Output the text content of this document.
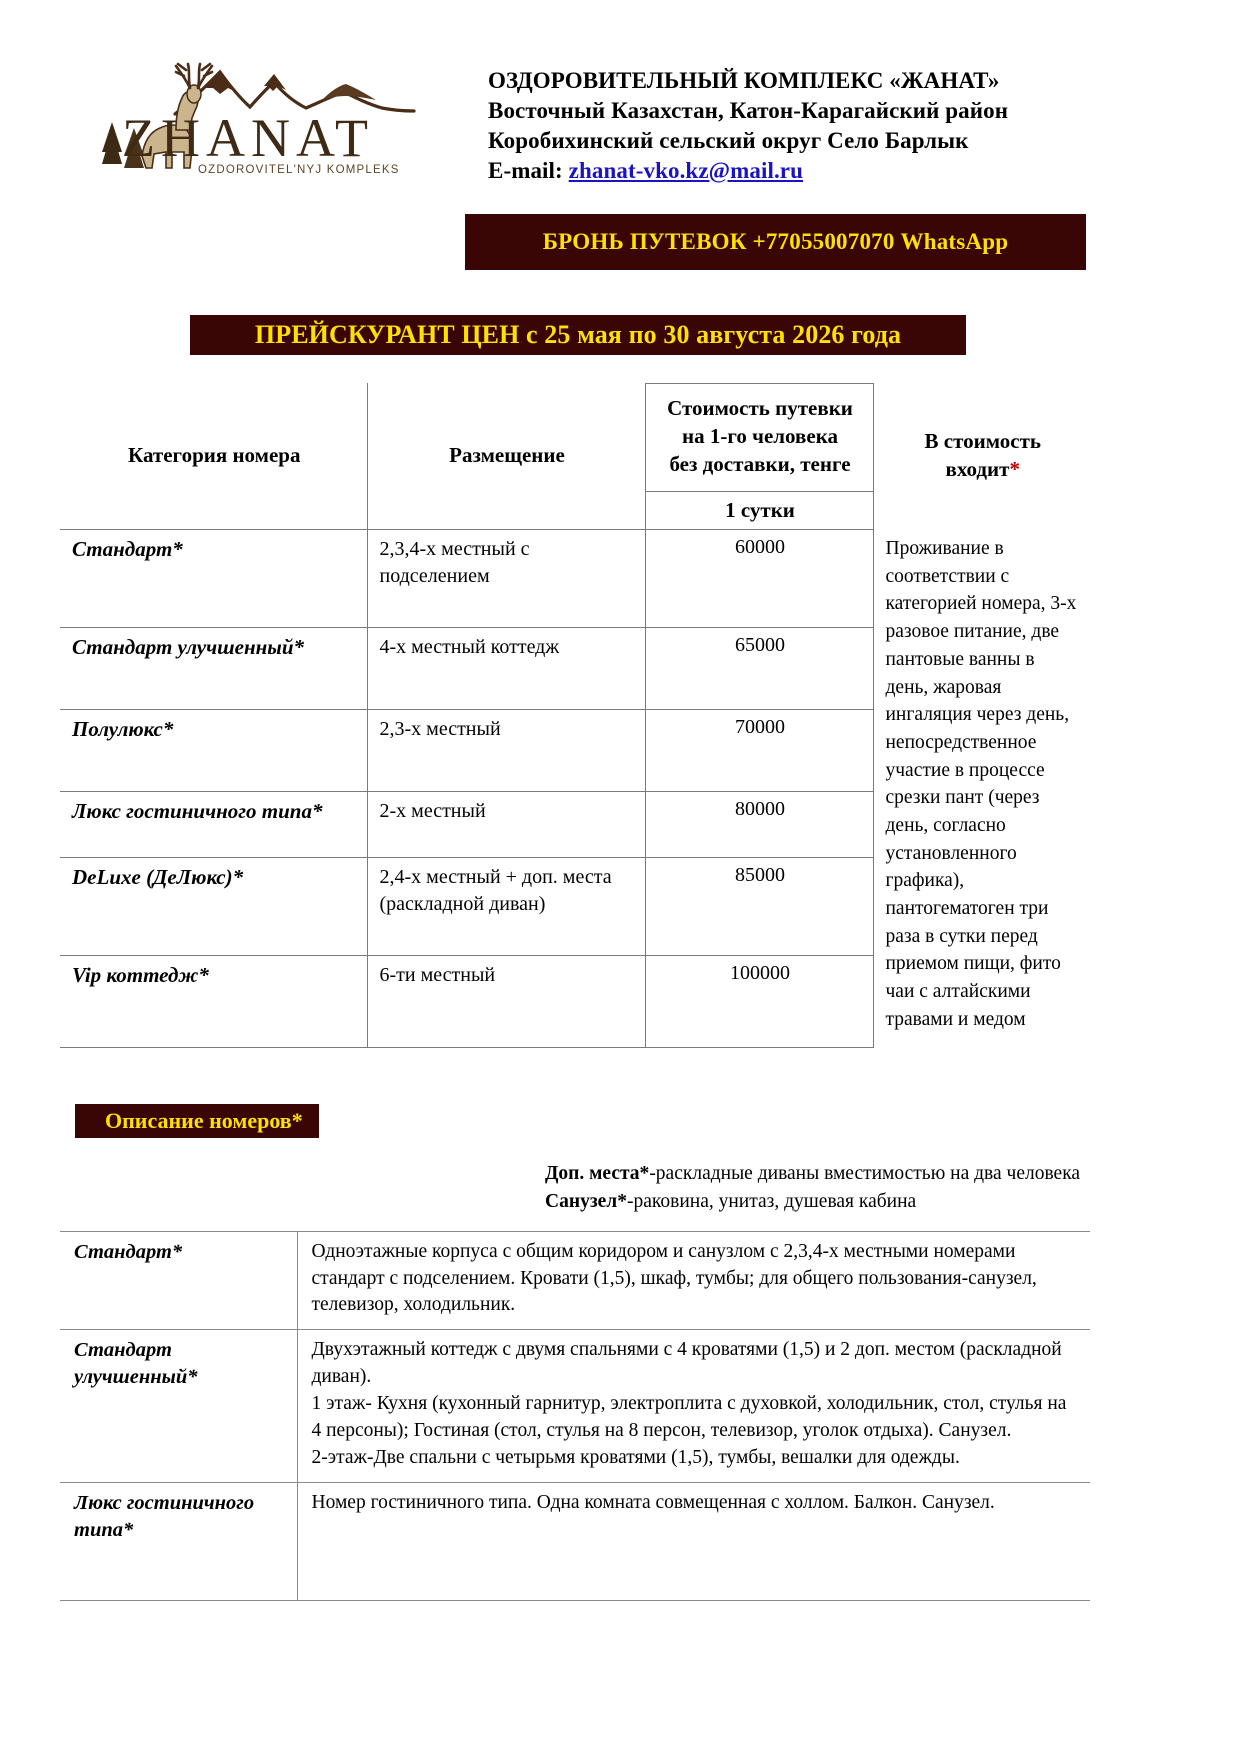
ZHANAT
OZDOROVITEL'NYJ KOMPLEKS
ОЗДОРОВИТЕЛЬНЫЙ КОМПЛЕКС «ЖАНАТ»
Восточный Казахстан, Катон-Карагайский район
Коробихинский сельский округ Село Барлык
E-mail: zhanat-vko.kz@mail.ru
БРОНЬ ПУТЕВОК +77055007070 WhatsApp
ПРЕЙСКУРАНТ ЦЕН с 25 мая по 30 августа 2026 года
Категория номера	Размещение	
Стоимость путевки
на 1-го человека
без доставки, тенге

В стоимость
входит*

		1 сутки	
Стандарт*	2,3,4-х местный с подселением	60000	Проживание в соответствии с категорией номера, 3-х разовое питание, две пантовые ванны в день, жаровая ингаляция через день, непосредственное участие в процессе срезки пант (через день, согласно установленного графика), пантогематоген три раза в сутки перед приемом пищи, фито чаи с алтайскими травами и медом
Стандарт улучшенный*	4-х местный коттедж	65000	
Полулюкс*	2,3-х местный	70000	
Люкс гостиничного типа*	2-х местный	80000	
DeLuxe (ДеЛюкс)*	2,4-х местный + доп. места (раскладной диван)	85000	
Vip коттедж*	6-ти местный	100000	
Описание номеров*
Доп. места*-раскладные диваны вместимостью на два человека
Санузел*-раковина, унитаз, душевая кабина
Стандарт*	Одноэтажные корпуса с общим коридором и санузлом с 2,3,4-х местными номерами стандарт с подселением. Кровати (1,5), шкаф, тумбы; для общего пользования-санузел, телевизор, холодильник.

Стандарт улучшенный*	Двухэтажный коттедж с двумя спальнями с 4 кроватями (1,5) и 2 доп. местом (раскладной диван).

1 этаж- Кухня (кухонный гарнитур, электроплита с духовкой, холодильник, стол, стулья на 4 персоны); Гостиная (стол, стулья на 8 персон, телевизор, уголок отдыха). Санузел.

2-этаж-Две спальни с четырьмя кроватями (1,5), тумбы, вешалки для одежды.

Люкс гостиничного типа*	Номер гостиничного типа. Одна комната совмещенная с холлом. Балкон. Санузел.
